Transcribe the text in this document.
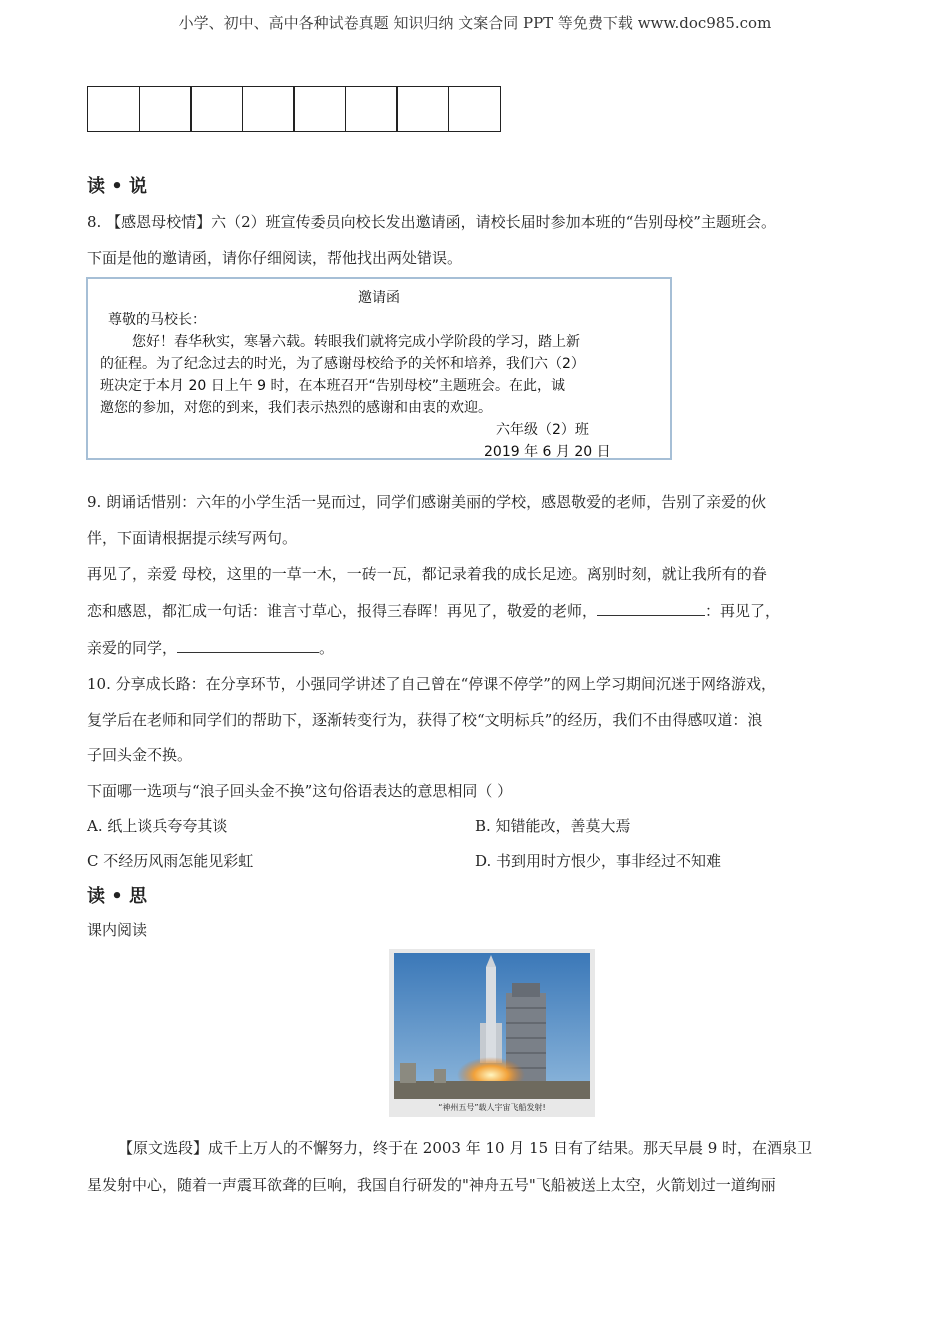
小学、初中、高中各种试卷真题 知识归纳 文案合同 PPT 等免费下载 www.doc985.com
读 • 说
8. 【感恩母校情】六（2）班宣传委员向校长发出邀请函，请校长届时参加本班的“告别母校”主题班会。
下面是他的邀请函，请你仔细阅读，帮他找出两处错误。
邀请函
尊敬的马校长：
您好！春华秋实，寒暑六载。转眼我们就将完成小学阶段的学习，踏上新
的征程。为了纪念过去的时光，为了感谢母校给予的关怀和培养，我们六（2）
班决定于本月 20 日上午 9 时，在本班召开“告别母校”主题班会。在此，诚
邀您的参加，对您的到来，我们表示热烈的感谢和由衷的欢迎。
六年级（2）班
2019 年 6 月 20 日
9. 朗诵话惜别：六年的小学生活一晃而过，同学们感谢美丽的学校，感恩敬爱的老师，告别了亲爱的伙
伴，下面请根据提示续写两句。
再见了，亲爱 母校，这里的一草一木，一砖一瓦，都记录着我的成长足迹。离别时刻，就让我所有的眷
恋和感恩，都汇成一句话：谁言寸草心，报得三春晖！再见了，敬爱的老师，	：再见了，
亲爱的同学，	。
10. 分享成长路：在分享环节，小强同学讲述了自己曾在“停课不停学”的网上学习期间沉迷于网络游戏，
复学后在老师和同学们的帮助下，逐渐转变行为，获得了校“文明标兵”的经历，我们不由得感叹道：浪
子回头金不换。
下面哪一选项与“浪子回头金不换”这句俗语表达的意思相同（ ）
A. 纸上谈兵夸夸其谈	B. 知错能改，善莫大焉
C 不经历风雨怎能见彩虹	D. 书到用时方恨少，事非经过不知难
读 • 思
课内阅读
“神州五号”载人宇宙飞船发射!
【原文选段】成千上万人的不懈努力，终于在 2003 年 10 月 15 日有了结果。那天早晨 9 时，在酒泉卫
星发射中心，随着一声震耳欲聋的巨响，我国自行研发的"神舟五号"飞船被送上太空，火箭划过一道绚丽
